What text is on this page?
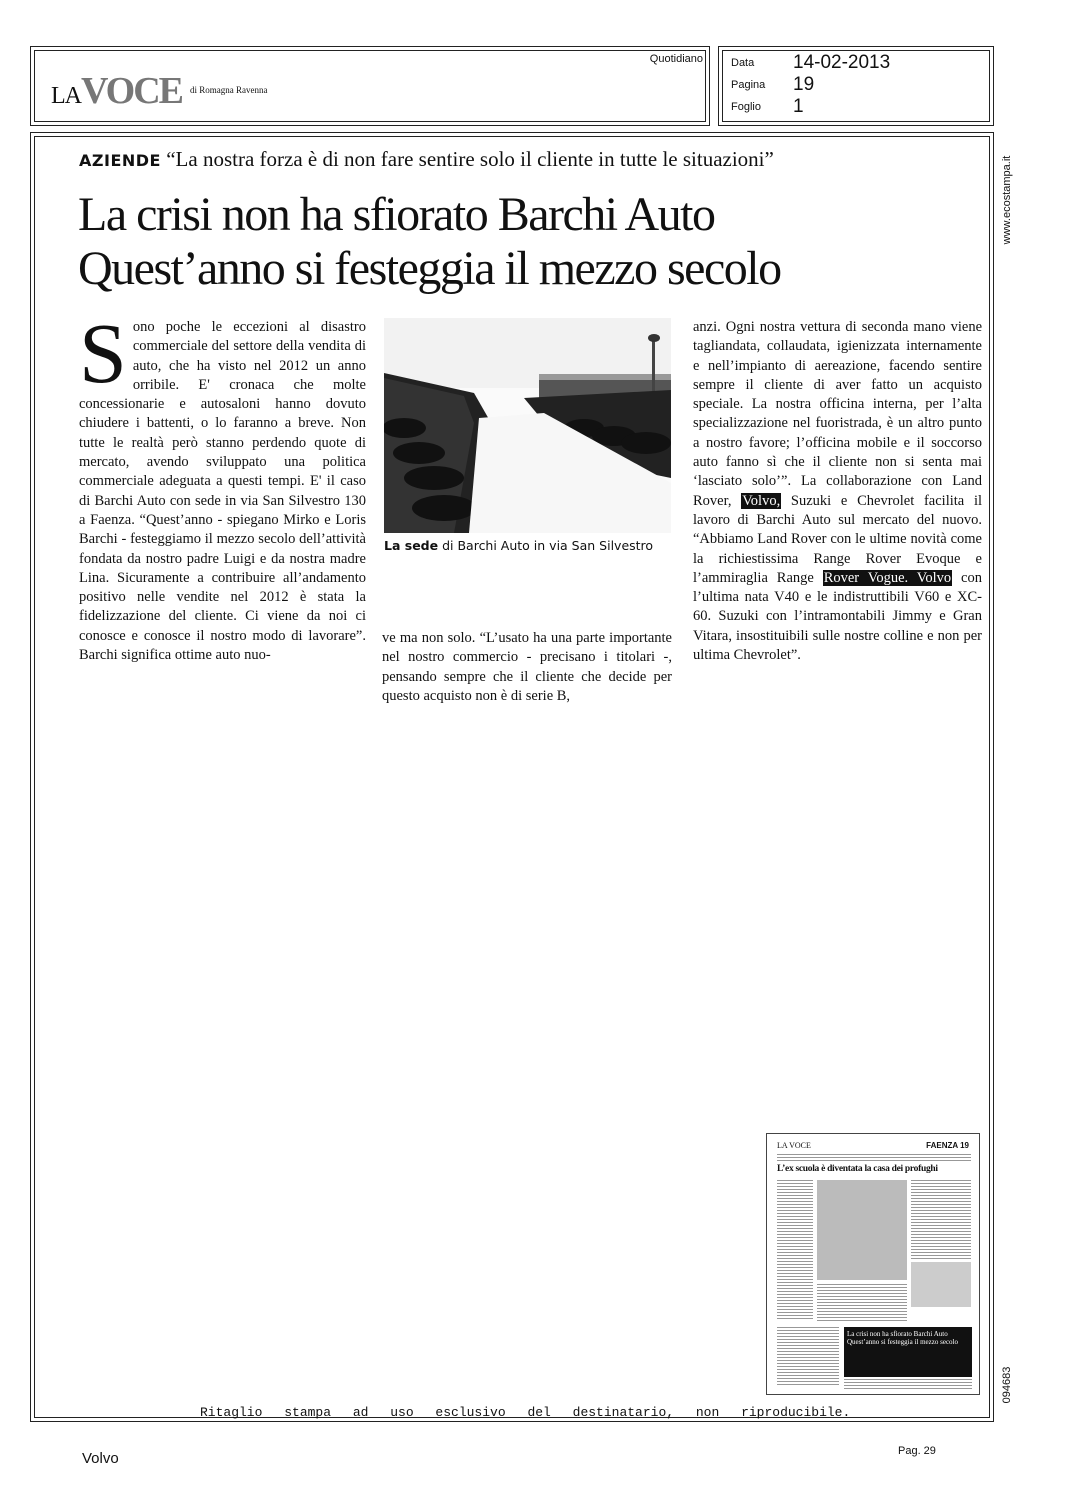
LAVOCE di Romagna Ravenna
Quotidiano	Data 14-02-2013
Pagina 19
Foglio 1
www.ecostampa.it
094683
AZIENDE “La nostra forza è di non fare sentire solo il cliente in tutte le situazioni”
La crisi non ha sfiorato Barchi Auto
Quest’anno si festeggia il mezzo secolo
Sono poche le eccezioni al disastro commerciale del settore della vendita di auto, che ha visto nel 2012 un anno orribile. E' cronaca che molte concessionarie e autosaloni hanno dovuto chiudere i battenti, o lo faranno a breve. Non tutte le realtà però stanno perdendo quote di mercato, avendo sviluppato una politica commerciale adeguata a questi tempi. E' il caso di Barchi Auto con sede in via San Silvestro 130 a Faenza. “Quest’anno - spiegano Mirko e Loris Barchi - festeggiamo il mezzo secolo dell’attività fondata da nostro padre Luigi e da nostra madre Lina. Sicuramente a contribuire all’andamento positivo nelle vendite nel 2012 è stata la fidelizzazione del cliente. Ci viene da noi ci conosce e conosce il nostro modo di lavorare”. Barchi significa ottime auto nuo-
La sede di Barchi Auto in via San Silvestro
ve ma non solo. “L’usato ha una parte importante nel nostro commercio - precisano i titolari -, pensando sempre che il cliente che decide per questo acquisto non è di serie B,
anzi. Ogni nostra vettura di seconda mano viene tagliandata, collaudata, igienizzata internamente e nell’impianto di aereazione, facendo sentire sempre il cliente di aver fatto un acquisto speciale. La nostra officina interna, per l’alta specializzazione nel fuoristrada, è un altro punto a nostro favore; l’officina mobile e il soccorso auto fanno sì che il cliente non si senta mai ‘lasciato solo’”. La collaborazione con Land Rover, Volvo, Suzuki e Chevrolet facilita il lavoro di Barchi Auto sul mercato del nuovo. “Abbiamo Land Rover con le ultime novità come la richiestissima Range Rover Evoque e l’ammiraglia Range Rover Vogue. Volvo con l’ultima nata V40 e le indistruttibili V60 e XC-60. Suzuki con l’intramontabili Jimmy e Gran Vitara, insostituibili sulle nostre colline e non per ultima Chevrolet”.
LA VOCE	FAENZA 19
L’ex scuola è diventata la casa dei profughi
La crisi non ha sfiorato Barchi Auto
Quest’anno si festeggia il mezzo secolo
Ritaglio stampa ad uso esclusivo del destinatario, non riproducibile.
Volvo	Pag. 29
